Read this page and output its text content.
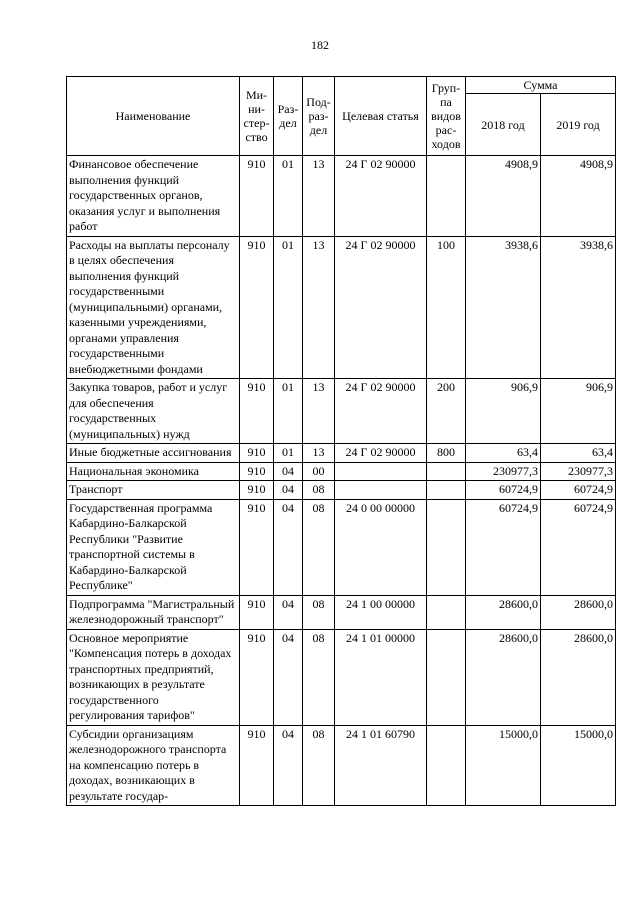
182
Наименование	Ми-ни-стер-ство	Раз-дел	Под-раз-дел	Целевая статья	Груп-па видов рас-ходов	Сумма	
						2018 год	2019 год
Финансовое обеспечение выполнения функций государственных органов, оказания услуг и выполнения работ	910	01	13	24 Г 02 90000		4908,9	4908,9
Расходы на выплаты персоналу в целях обеспечения выполнения функций государственными (муниципальными) органами, казенными учреждениями, органами управления государственными внебюджетными фондами	910	01	13	24 Г 02 90000	100	3938,6	3938,6
Закупка товаров, работ и услуг для обеспечения государственных (муниципальных) нужд	910	01	13	24 Г 02 90000	200	906,9	906,9
Иные бюджетные ассигнования	910	01	13	24 Г 02 90000	800	63,4	63,4
Национальная экономика	910	04	00			230977,3	230977,3
Транспорт	910	04	08			60724,9	60724,9
Государственная программа Кабардино-Балкарской Республики "Развитие транспортной системы в Кабардино-Балкарской Республике"	910	04	08	24 0 00 00000		60724,9	60724,9
Подпрограмма "Магистральный железнодорожный транспорт"	910	04	08	24 1 00 00000		28600,0	28600,0
Основное мероприятие "Компенсация потерь в доходах транспортных предприятий, возникающих в результате государственного регулирования тарифов"	910	04	08	24 1 01 00000		28600,0	28600,0
Субсидии организациям железнодорожного транспорта на компенсацию потерь в доходах, возникающих в результате государ-	910	04	08	24 1 01 60790		15000,0	15000,0
